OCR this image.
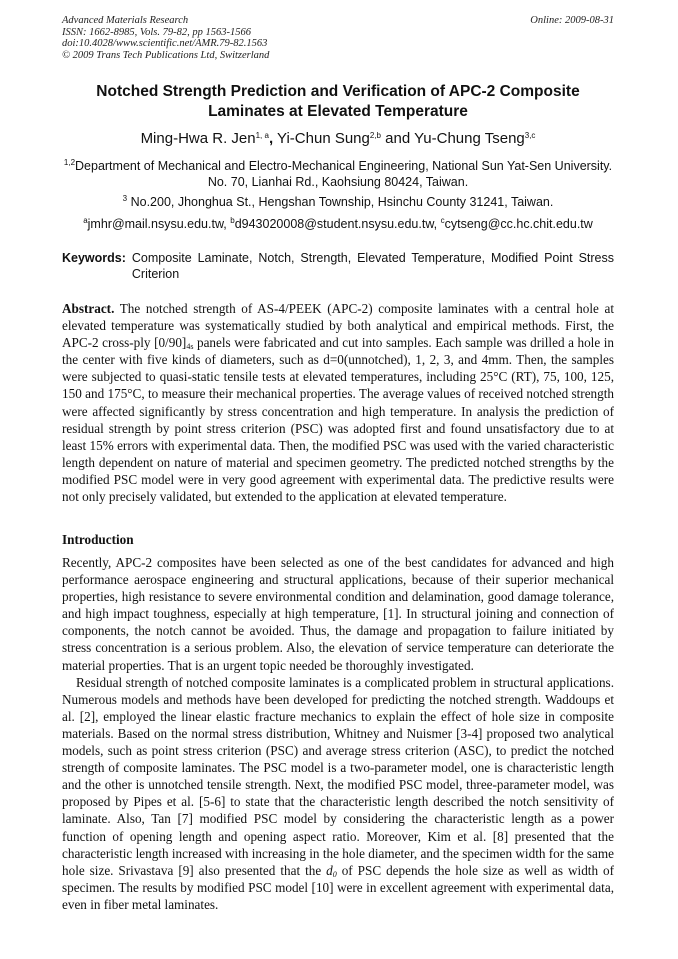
Advanced Materials Research
ISSN: 1662-8985, Vols. 79-82, pp 1563-1566
doi:10.4028/www.scientific.net/AMR.79-82.1563
© 2009 Trans Tech Publications Ltd, Switzerland
Online: 2009-08-31
Notched Strength Prediction and Verification of APC-2 Composite
Laminates at Elevated Temperature
Ming-Hwa R. Jen$^{1, a}$, Yi-Chun Sung$^{2,b}$ and Yu-Chung Tseng$^{3,c}$
$^{1,2}$Department of Mechanical and Electro-Mechanical Engineering, National Sun Yat-Sen University.
No. 70, Lianhai Rd., Kaohsiung 80424, Taiwan.
$^3$ No.200, Jhonghua St., Hengshan Township, Hsinchu County 31241, Taiwan.
$^a$jmhr@mail.nsysu.edu.tw, $^b$d943020008@student.nsysu.edu.tw, $^c$cytseng@cc.hc.chit.edu.tw
Keywords: Composite Laminate, Notch, Strength, Elevated Temperature, Modified Point Stress Criterion
Abstract. The notched strength of AS-4/PEEK (APC-2) composite laminates with a central hole at elevated temperature was systematically studied by both analytical and empirical methods. First, the APC-2 cross-ply $[0/90]_{4s}$ panels were fabricated and cut into samples. Each sample was drilled a hole in the center with five kinds of diameters, such as d=0(unnotched), 1, 2, 3, and 4mm. Then, the samples were subjected to quasi-static tensile tests at elevated temperatures, including 25°C (RT), 75, 100, 125, 150 and 175°C, to measure their mechanical properties. The average values of received notched strength were affected significantly by stress concentration and high temperature. In analysis the prediction of residual strength by point stress criterion (PSC) was adopted first and found unsatisfactory due to at least 15% errors with experimental data. Then, the modified PSC was used with the varied characteristic length dependent on nature of material and specimen geometry. The predicted notched strengths by the modified PSC model were in very good agreement with experimental data. The predictive results were not only precisely validated, but extended to the application at elevated temperature.
Introduction

Recently, APC-2 composites have been selected as one of the best candidates for advanced and high performance aerospace engineering and structural applications, because of their superior mechanical properties, high resistance to severe environmental condition and delamination, good damage tolerance, and high impact toughness, especially at high temperature, [1]. In structural joining and connection of components, the notch cannot be avoided. Thus, the damage and propagation to failure initiated by stress concentration is a serious problem. Also, the elevation of service temperature can deteriorate the material properties. That is an urgent topic needed be thoroughly investigated.

Residual strength of notched composite laminates is a complicated problem in structural applications. Numerous models and methods have been developed for predicting the notched strength. Waddoups et al. [2], employed the linear elastic fracture mechanics to explain the effect of hole size in composite materials. Based on the normal stress distribution, Whitney and Nuismer [3-4] proposed two analytical models, such as point stress criterion (PSC) and average stress criterion (ASC), to predict the notched strength of composite laminates. The PSC model is a two-parameter model, one is characteristic length and the other is unnotched tensile strength. Next, the modified PSC model, three-parameter model, was proposed by Pipes et al. [5-6] to state that the characteristic length described the notch sensitivity of laminate. Also, Tan [7] modified PSC model by considering the characteristic length as a power function of opening length and opening aspect ratio. Moreover, Kim et al. [8] presented that the characteristic length increased with increasing in the hole diameter, and the specimen width for the same hole size. Srivastava [9] also presented that the $d_0$ of PSC depends the hole size as well as width of specimen. The results by modified PSC model [10] were in excellent agreement with experimental data, even in fiber metal laminates.
